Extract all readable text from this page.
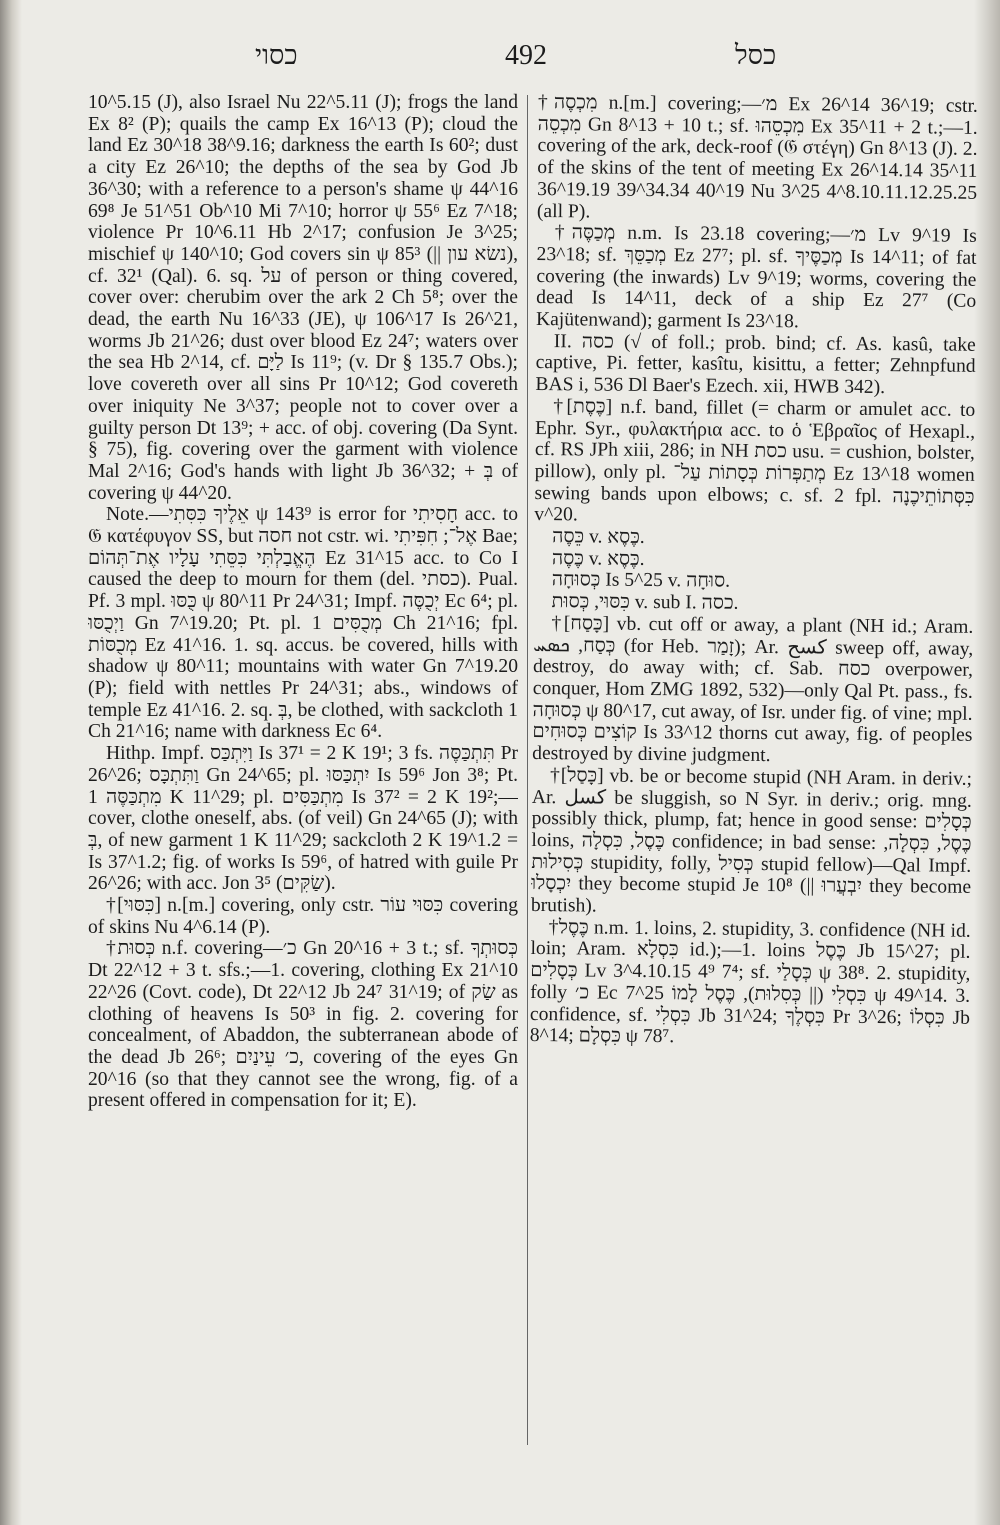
כסוי	492	כסל

10^5.15 (J), also Israel Nu 22^5.11 (J); frogs the land Ex 8² (P); quails the camp Ex 16^13 (P); cloud the land Ez 30^18 38^9.16; darkness the earth Is 60²; dust a city Ez 26^10; the depths of the sea by God Jb 36^30; with a reference to a person's shame ψ 44^16 69⁸ Je 51^51 Ob^10 Mi 7^10; horror ψ 55⁶ Ez 7^18; violence Pr 10^6.11 Hb 2^17; confusion Je 3^25; mischief ψ 140^10; God covers sin ψ 85³ (|| נשׂא עון), cf. 32¹ (Qal). 6. sq. על of person or thing covered, cover over: cherubim over the ark 2 Ch 5⁸; over the dead, the earth Nu 16^33 (JE), ψ 106^17 Is 26^21, worms Jb 21^26; dust over blood Ez 24⁷; waters over the sea Hb 2^14, cf. לַיָּם Is 11⁹; (v. Dr § 135.7 Obs.); love covereth over all sins Pr 10^12; God covereth over iniquity Ne 3^37; people not to cover over a guilty person Dt 13⁹; + acc. of obj. covering (Da Synt. § 75), fig. covering over the garment with violence Mal 2^16; God's hands with light Jb 36^32; + בְּ of covering ψ 44^20.

Note.—אֵלֶיךָ כִּסִּתִי ψ 143⁹ is error for חָסִיתִי acc. to 𝔊 κατέφυγον SS, but חסה not cstr. wi. אֶל־; חִפִּיתִי Bae; הֶאֱבַלְתִּי כִּסֵּתִי עָלָיו אֶת־תְּהוֹם Ez 31^15 acc. to Co I caused the deep to mourn for them (del. כסתי). Pual. Pf. 3 mpl. כֻּסּוּ ψ 80^11 Pr 24^31; Impf. יְכֻסֶּה Ec 6⁴; pl. וַיְכֻסּוּ Gn 7^19.20; Pt. pl. מְכֻסִּים 1 Ch 21^16; fpl. מְכֻסּוֹת Ez 41^16. 1. sq. accus. be covered, hills with shadow ψ 80^11; mountains with water Gn 7^19.20 (P); field with nettles Pr 24^31; abs., windows of temple Ez 41^16. 2. sq. בְּ, be clothed, with sackcloth 1 Ch 21^16; name with darkness Ec 6⁴.

Hithp. Impf. וַיִּתְכַּס Is 37¹ = 2 K 19¹; 3 fs. תִּתְכַּסֶּה Pr 26^26; וַתִּתְכָּס Gn 24^65; pl. יִתְכַּסּוּ Is 59⁶ Jon 3⁸; Pt. מִתְכַּסֶּה 1 K 11^29; pl. מִתְכַּסִּים Is 37² = 2 K 19²;—cover, clothe oneself, abs. (of veil) Gn 24^65 (J); with בְּ, of new garment 1 K 11^29; sackcloth 2 K 19^1.2 = Is 37^1.2; fig. of works Is 59⁶, of hatred with guile Pr 26^26; with acc. Jon 3⁵ (שַׂקִּים).

†[כִּסּוּי] n.[m.] covering, only cstr. כִּסּוּי עוֹר covering of skins Nu 4^6.14 (P).

†כְּסוּת n.f. covering—כ׳ Gn 20^16 + 3 t.; sf. כְּסוּתְךָ Dt 22^12 + 3 t. sfs.;—1. covering, clothing Ex 21^10 22^26 (Covt. code), Dt 22^12 Jb 24⁷ 31^19; of שַׂק as clothing of heavens Is 50³ in fig. 2. covering for concealment, of Abaddon, the subterranean abode of the dead Jb 26⁶; כ׳ עֵינַיִם, covering of the eyes Gn 20^16 (so that they cannot see the wrong, fig. of a present offered in compensation for it; E).

†מִכְסֶה n.[m.] covering;—מ׳ Ex 26^14 36^19; cstr. מִכְסֵה Gn 8^13 + 10 t.; sf. מִכְסֵהוּ Ex 35^11 + 2 t.;—1. covering of the ark, deck-roof (𝔊 στέγη) Gn 8^13 (J). 2. of the skins of the tent of meeting Ex 26^14.14 35^11 36^19.19 39^34.34 40^19 Nu 3^25 4^8.10.11.12.25.25 (all P).

†מְכַסֶּה n.m. Is 23.18 covering;—מ׳ Lv 9^19 Is 23^18; sf. מְכַסֵּךְ Ez 27⁷; pl. sf. מְכַסֶּיךָ Is 14^11; of fat covering (the inwards) Lv 9^19; worms, covering the dead Is 14^11, deck of a ship Ez 27⁷ (Co Kajütenwand); garment Is 23^18.

II. כסה (√ of foll.; prob. bind; cf. As. kasû, take captive, Pi. fetter, kasîtu, kisittu, a fetter; Zehnpfund BAS i, 536 Dl Baer's Ezech. xii, HWB 342).

†[כֶּסֶת] n.f. band, fillet (= charm or amulet acc. to Ephr. Syr., φυλακτήρια acc. to ὁ Ἑβραῖος of Hexapl., cf. RS JPh xiii, 286; in NH כסת usu. = cushion, bolster, pillow), only pl. מְתַפְּרוֹת כְּסָתוֹת עַל־ Ez 13^18 women sewing bands upon elbows; c. sf. 2 fpl. כִּסְּתוֹתֵיכֶנָה v^20.

כֵּסֶה v. כֶּסֶא.

כֶּסֶה v. כֶּסֶא.

כְּסוּחָה Is 5^25 v. סוּחָה.

כִּסּוּי, כְּסוּת v. sub I. כסה.

†[כָּסַח] vb. cut off or away, a plant (NH id.; Aram. כְּסַח, ܟܣܚ (for Heb. זָמַר); Ar. كسح sweep off, away, destroy, do away with; cf. Sab. כסח overpower, conquer, Hom ZMG 1892, 532)—only Qal Pt. pass., fs. כְּסוּחָה ψ 80^17, cut away, of Isr. under fig. of vine; mpl. קוֹצִים כְּסוּחִים Is 33^12 thorns cut away, fig. of peoples destroyed by divine judgment.

†[כָּסַל] vb. be or become stupid (NH Aram. in deriv.; Ar. كسل be sluggish, so N Syr. in deriv.; orig. mng. possibly thick, plump, fat; hence in good sense: כְּסָלִים loins, כֶּסֶל, כִּסְלָה confidence; in bad sense: כֶּסֶל, כִּסְלָה, כְּסִילוּת stupidity, folly, כְּסִיל stupid fellow)—Qal Impf. יִכְסָלוּ they become stupid Je 10⁸ (|| יִבְעֲרוּ they become brutish).

†כֶּסֶל n.m. 1. loins, 2. stupidity, 3. confidence (NH id. loin; Aram. כִּסְלָא id.);—1. loins כֶּסֶל Jb 15^27; pl. כְּסָלִים Lv 3^4.10.15 4⁹ 7⁴; sf. כְּסָלַי ψ 38⁸. 2. stupidity, folly כ׳ Ec 7^25 כִּסְלִי (|| כְּסִלוּת), כֶּסֶל לָמוֹ ψ 49^14. 3. confidence, sf. כִּסְלִי Jb 31^24; כִּסְלֶךָ Pr 3^26; כִּסְלוֹ Jb 8^14; כִּסְלָם ψ 78⁷.
